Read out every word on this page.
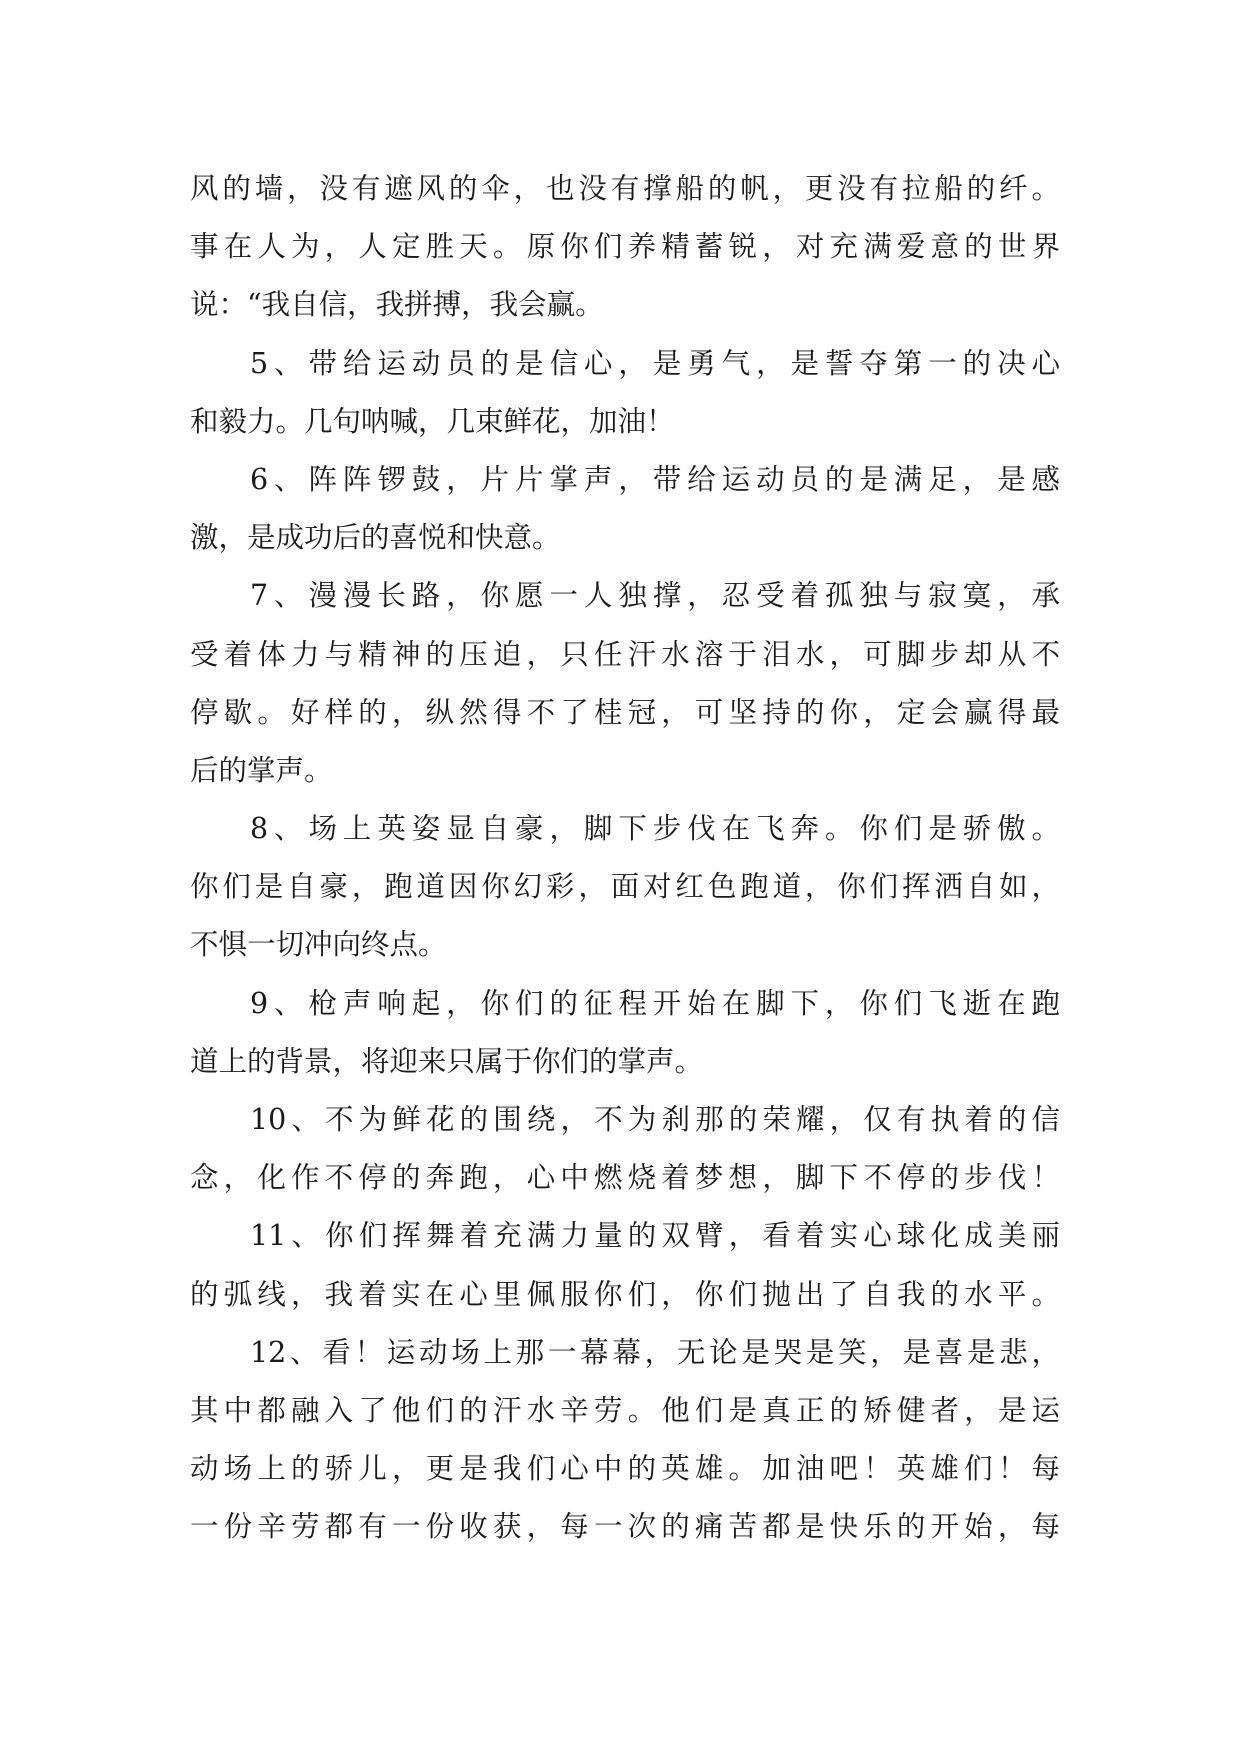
风的墙，没有遮风的伞，也没有撑船的帆，更没有拉船的纤。
事在人为，人定胜天。原你们养精蓄锐，对充满爱意的世界
说：“我自信，我拼搏，我会赢。
5、带给运动员的是信心，是勇气，是誓夺第一的决心
和毅力。几句呐喊，几束鲜花，加油！
6、阵阵锣鼓，片片掌声，带给运动员的是满足，是感
激，是成功后的喜悦和快意。
7、漫漫长路，你愿一人独撑，忍受着孤独与寂寞，承
受着体力与精神的压迫，只任汗水溶于泪水，可脚步却从不
停歇。好样的，纵然得不了桂冠，可坚持的你，定会赢得最
后的掌声。
8、场上英姿显自豪，脚下步伐在飞奔。你们是骄傲。
你们是自豪，跑道因你幻彩，面对红色跑道，你们挥洒自如，
不惧一切冲向终点。
9、枪声响起，你们的征程开始在脚下，你们飞逝在跑
道上的背景，将迎来只属于你们的掌声。
10、不为鲜花的围绕，不为刹那的荣耀，仅有执着的信
念，化作不停的奔跑，心中燃烧着梦想，脚下不停的步伐！
11、你们挥舞着充满力量的双臂，看着实心球化成美丽
的弧线，我着实在心里佩服你们，你们抛出了自我的水平。
12、看！运动场上那一幕幕，无论是哭是笑，是喜是悲，
其中都融入了他们的汗水辛劳。他们是真正的矫健者，是运
动场上的骄儿，更是我们心中的英雄。加油吧！英雄们！每
一份辛劳都有一份收获，每一次的痛苦都是快乐的开始，每
